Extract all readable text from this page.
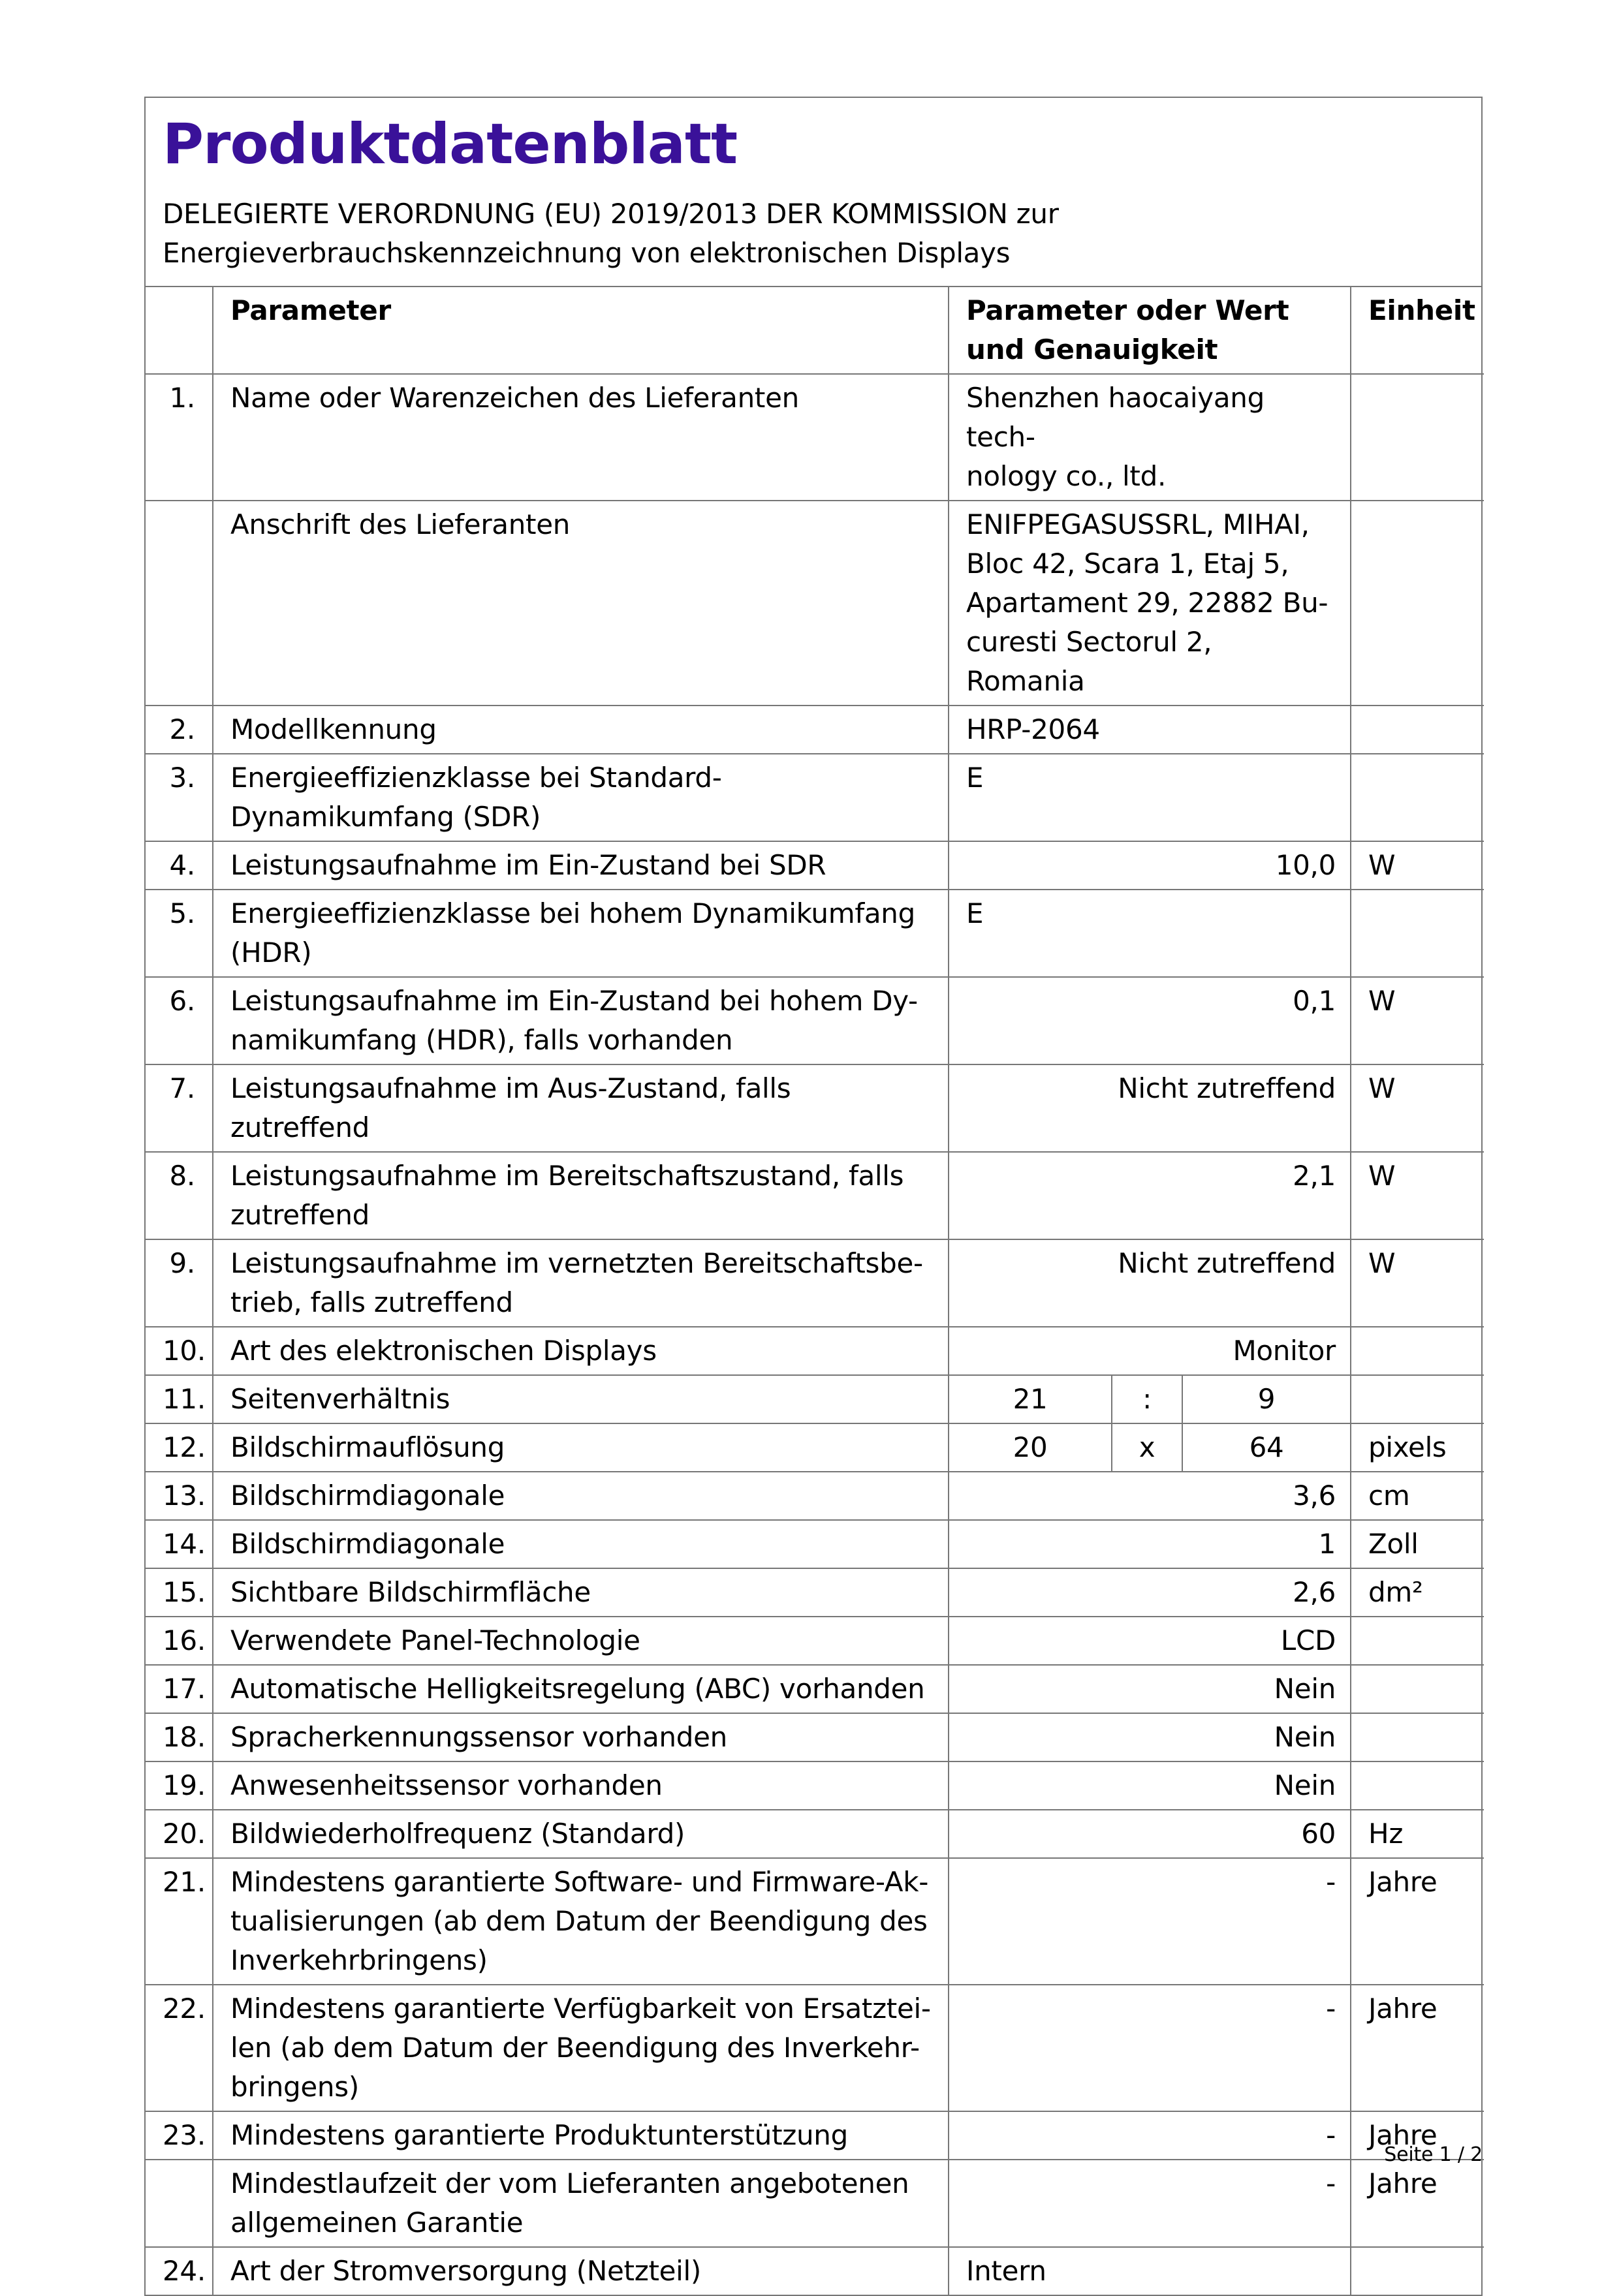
Produktdatenblatt
DELEGIERTE VERORDNUNG (EU) 2019/2013 DER KOMMISSION zur
Energieverbrauchskennzeichnung von elektronischen Displays
	Parameter	Parameter oder Wert und Genauigkeit			Einheit
1.	Name oder Warenzeichen des Lieferanten	Shenzhen haocaiyang tech-
nology co., ltd.			
	Anschrift des Lieferanten	ENIFPEGASUSSRL, MIHAI,
Bloc 42, Scara 1, Etaj 5,
Apartament 29, 22882 Bu-
curesti Sectorul 2, Romania			
2.	Modellkennung	HRP-2064			
3.	Energieeffizienzklasse bei Standard-Dynamikumfang (SDR)	E			
4.	Leistungsaufnahme im Ein-Zustand bei SDR	10,0			W
5.	Energieeffizienzklasse bei hohem Dynamikumfang (HDR)	E			
6.	Leistungsaufnahme im Ein-Zustand bei hohem Dy-
namikumfang (HDR), falls vorhanden	0,1			W
7.	Leistungsaufnahme im Aus-Zustand, falls zutreffend	Nicht zutreffend			W
8.	Leistungsaufnahme im Bereitschaftszustand, falls
zutreffend	2,1			W
9.	Leistungsaufnahme im vernetzten Bereitschaftsbe-
trieb, falls zutreffend	Nicht zutreffend			W
10.	Art des elektronischen Displays	Monitor			
11.	Seitenverhältnis	21	:	9	
12.	Bildschirmauflösung	20	x	64	pixels
13.	Bildschirmdiagonale	3,6			cm
14.	Bildschirmdiagonale	1			Zoll
15.	Sichtbare Bildschirmfläche	2,6			dm²
16.	Verwendete Panel-Technologie	LCD			
17.	Automatische Helligkeitsregelung (ABC) vorhanden	Nein			
18.	Spracherkennungssensor vorhanden	Nein			
19.	Anwesenheitssensor vorhanden	Nein			
20.	Bildwiederholfrequenz (Standard)	60			Hz
21.	Mindestens garantierte Software- und Firmware-Ak-
tualisierungen (ab dem Datum der Beendigung des
Inverkehrbringens)	-			Jahre
22.	Mindestens garantierte Verfügbarkeit von Ersatztei-
len (ab dem Datum der Beendigung des Inverkehr-
bringens)	-			Jahre
23.	Mindestens garantierte Produktunterstützung	-			Jahre
	Mindestlaufzeit der vom Lieferanten angebotenen
allgemeinen Garantie	-			Jahre
24.	Art der Stromversorgung (Netzteil)	Intern			
Seite 1 / 2
